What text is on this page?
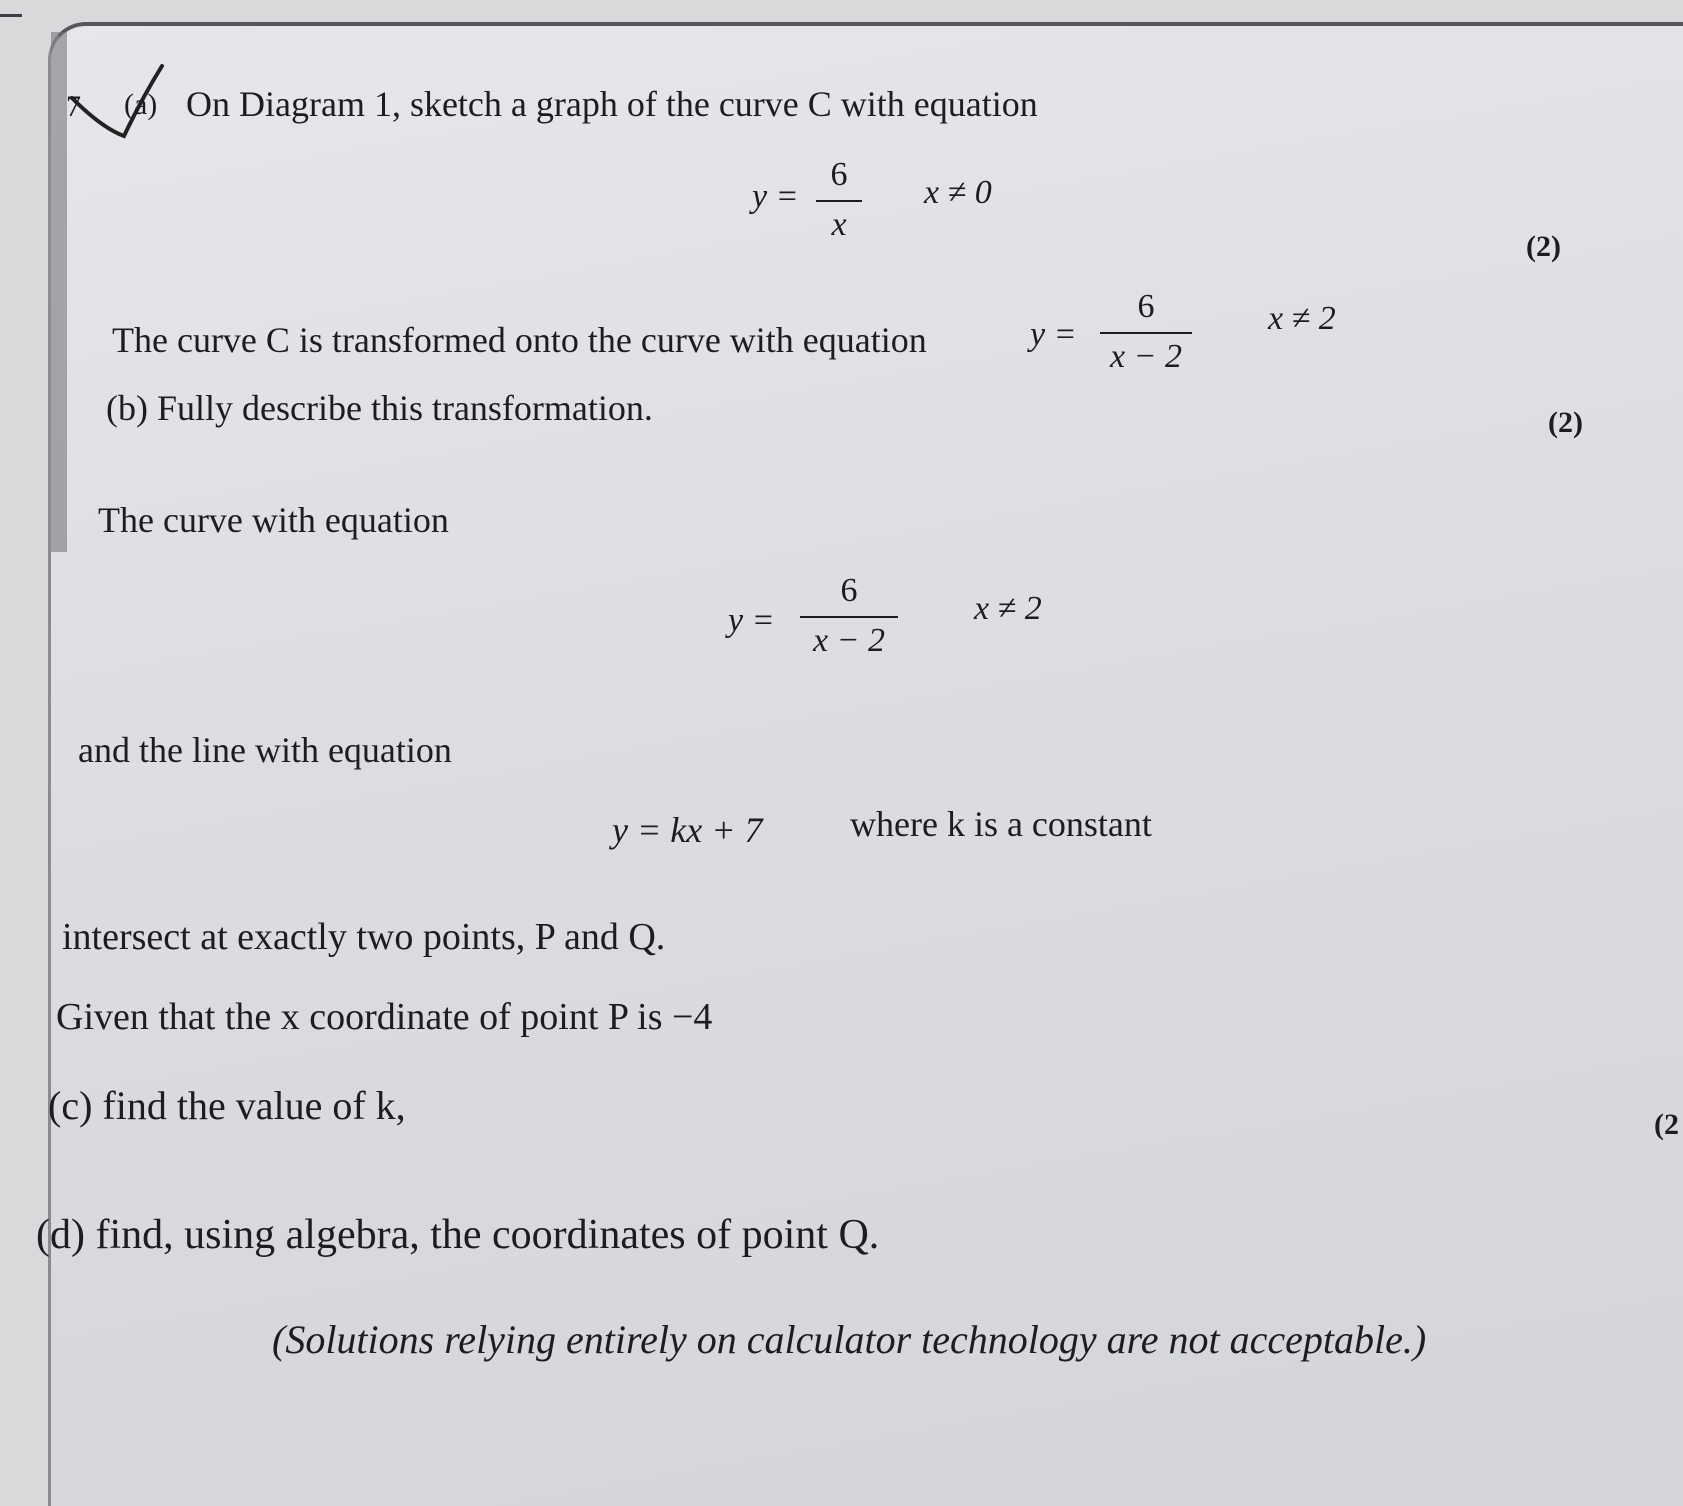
7 (a) On Diagram 1, sketch a graph of the curve C with equation
y =
6
x
x ≠ 0
(2)
The curve C is transformed onto the curve with equation	y =
6
x − 2
x ≠ 2
(b) Fully describe this transformation.	(2)
The curve with equation
y =
6
x − 2
x ≠ 2
and the line with equation
y = kx + 7 where k is a constant
intersect at exactly two points, P and Q.
Given that the x coordinate of point P is −4
(c) find the value of k,	(2
(d) find, using algebra, the coordinates of point Q.
(Solutions relying entirely on calculator technology are not acceptable.)
